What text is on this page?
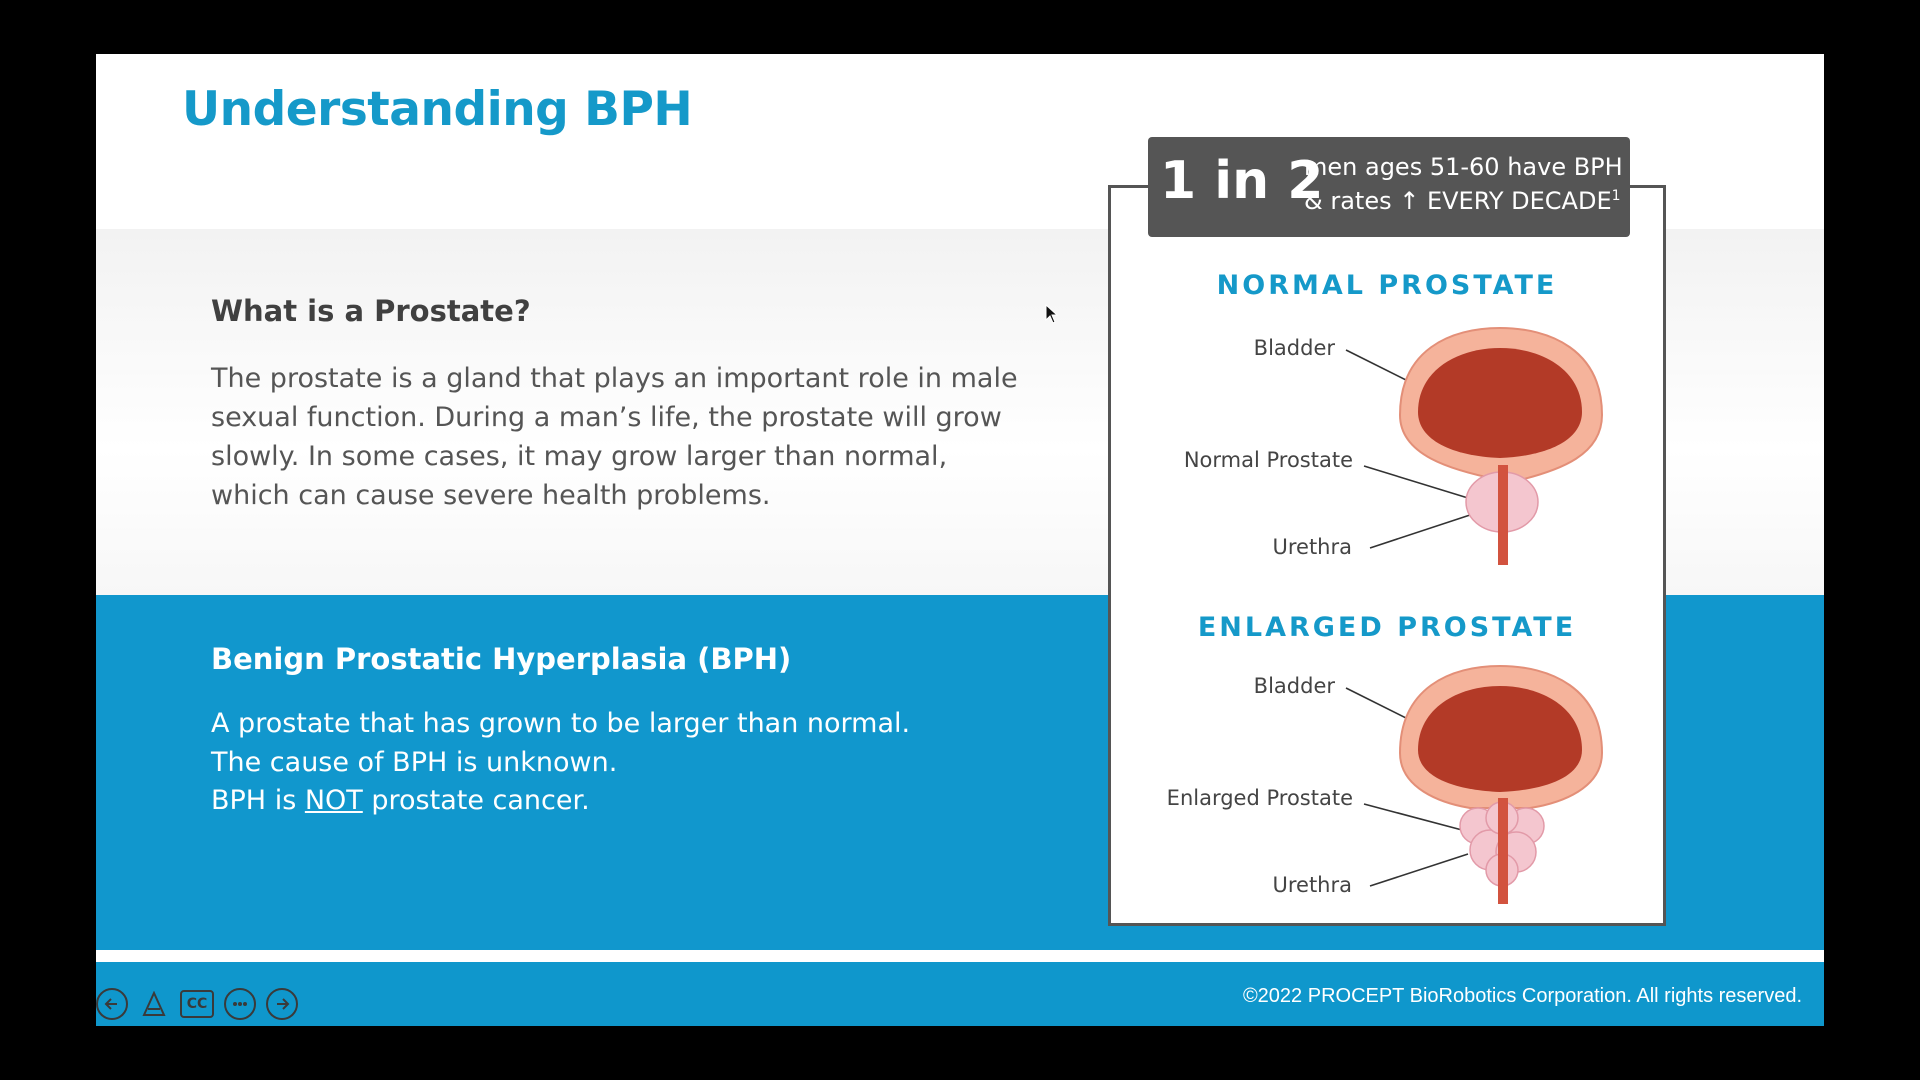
Understanding BPH
What is a Prostate?
The prostate is a gland that plays an important role in male sexual function. During a man’s life, the prostate will grow slowly. In some cases, it may grow larger than normal, which can cause severe health problems.
Benign Prostatic Hyperplasia (BPH)
A prostate that has grown to be larger than normal.
The cause of BPH is unknown.
BPH is NOT prostate cancer.
1 in 2
men ages 51-60 have BPH
& rates ↑ EVERY DECADE$^1$
NORMAL PROSTATE
ENLARGED PROSTATE
Bladder
Normal Prostate
Urethra
Bladder
Enlarged Prostate
Urethra
CC	©2022 PROCEPT BioRobotics Corporation. All rights reserved.
